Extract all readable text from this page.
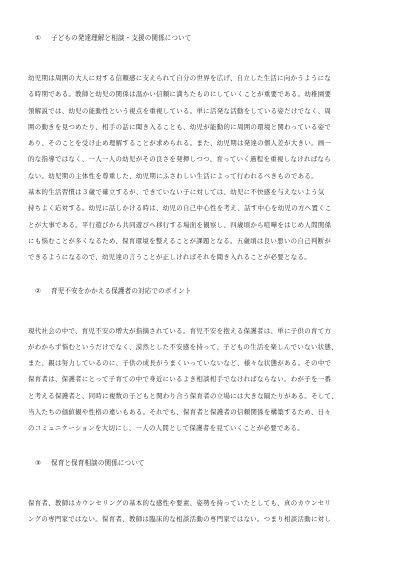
① 子どもの発達理解と相談・支援の関係について
幼児期は周囲の大人に対する信頼感に支えられて自分の世界を広げ、自立した生活に向かうようにな
る時期である。教師と幼児の関係は温かい信頼に満ちたものにしていくことが重要である。幼稚園要
領解説では、幼児の能動性という視点を重視している。単に活発な活動をしている姿だけでなく、周
囲の動きを見つめたり、相手の話に聞き入ることも、幼児が能動的に周囲の環境と関わっている姿で
あり、そのことを受け止め理解することが求められる。また、幼児期は発達の個人差が大きい。画一
的な指導ではなく、一人一人の幼児がその良さを発揮しつつ、育っていく過程を重視しなければなら
ない。幼児期の主体性を尊重した、幼児期にふさわしい生活によって行われるべきものである。
基本的生活習慣は３歳で確立するが、できていない子に対しては、幼児に不快感を与えないよう気
持ちよく応対する。幼児に話しかける時は、幼児の自己中心性を考え、話す中心を幼児の方へ置くこ
とが大事である。平行遊びから共同遊びへ移行する場面を観察し、四歳頃から喧嘩をはじめ人間関係
にも悩むことが多くなるため、保育環境を整えることが課題となる。五歳頃は良い悪いの自己判断が
できるようになるので、幼児達の言うことが正しければそれを聞き入れることが必要となる。
② 育児不安をかかえる保護者の対応でのポイント
現代社会の中で、育児不安の増大が指摘されている。育児不安を抱える保護者は、単に子供の育て方
がわからず悩むというだけでなく、漠然とした不安感を持って、子どもの生活を楽しんでいない状態、
また、親は努力しているのに、子供の成長がうまくいっていないなど、様々な状態がある。その中で
保育者は、保護者にとって子育ての中で身近にいるよき相談相手でなければならない。わが子を一番
と考える保護者と、同時に複数の子どもと関わり合う保育者の立場には大きな隔たりがある。そして、
当人たちの価値観や性格の違いもある。それでも、保育者と保護者の信頼関係を構築するため、日々
のコミュニケーションを大切にし、一人の人間として保護者を見ていくことが必要である。
③ 保育と保育相談の関係について
保育者、教師はカウンセリングの基本的な感性や要素、姿勢を持っていたとしても、真のカウンセリ
ングの専門家ではない。保育者、教師は臨床的な相談活動の専門家ではない。つまり相談活動に対し
